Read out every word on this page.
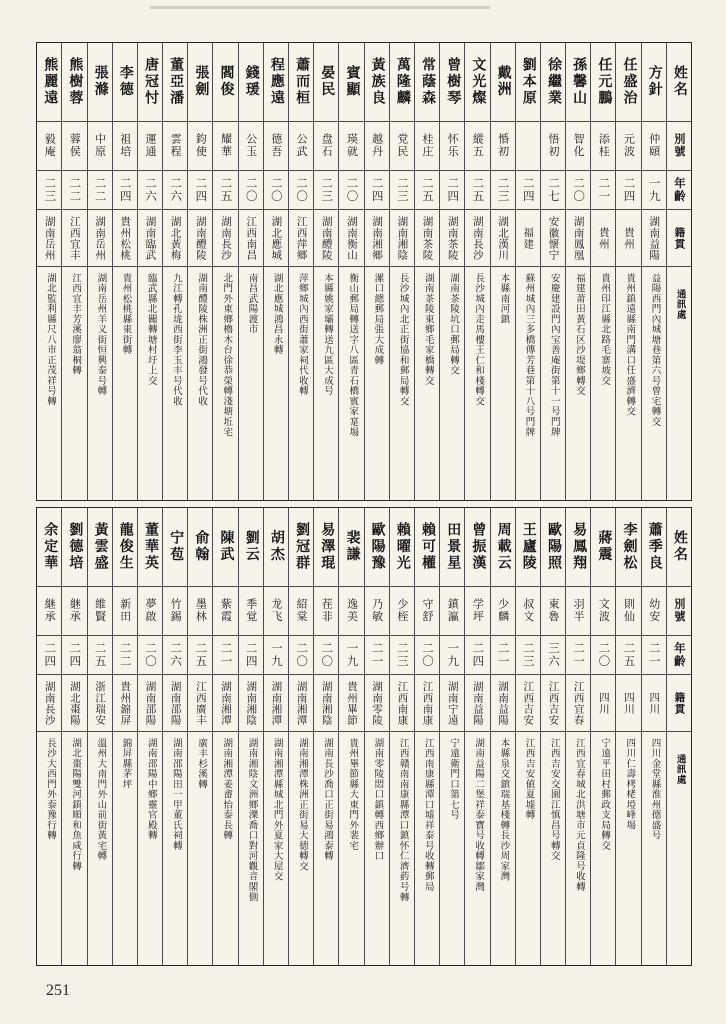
姓名
別號
年齡
籍貫
通訊處
方針
仲頤
一九
湖南益陽
益陽西門內城塘巷第六号曾宅轉交
任盛治
元波
二四
貴州
貴州鎮遠縣南門溝口任盛濟轉交
任元鵬
添桂
二一
貴州
貴州印江縣北路毛寨坡交
孫馨山
智化
二〇
湖南鳳凰
福建莆田黃石区沙堤鄉轉交
徐繼業
悟初
二七
安徽懷宁
安慶建設門內宝善庵街第十一号門牌
劉本原
二四
福建
蘇州城內三多橋傳芳巷第十八号門牌
戴洲
惛初
二三
湖北漢川
本縣南河鎮
文光燦
縱五
二五
湖南長沙
長沙城內走馬樓王仁和棧轉交
曾樹琴
怀乐
二四
湖南茶陵
湖南茶陵坑口郵局轉交
常蔭森
桂庄
二五
湖南茶陵
湖南茶陵東鄉毛家橋轉交
萬隆麟
党民
二三
湖南湘陰
長沙城內北正街協和郵局轉交
黃族良
越丹
二四
湖南湘鄉
漯口總郵局張大成轉
賓顯
瑛就
二〇
湖南衡山
衡山郵局轉送字八區青石橋賓家寔場
晏民
盘石
二三
湖南醴陵
本縣姚家壩轉送九區大成号
蕭而桓
公武
二〇
江西萍鄉
萍鄉城內西街蕭家祠代收轉
程應遠
德吾
二〇
湖北應城
湖北應城鴻昌永轉
錢瑗
公玉
二〇
江西南昌
南昌武陽渡市
閻俊
耀華
二五
湖南長沙
北門外東鄉櫓木台徐恭榮轉淺塘坵宅
張劍
鈞使
二四
湖南醴陵
湖南醴陵株洲正街鴻發号代收
董亞潘
雲程
二六
湖北黃梅
九江轉孔垅西街李玉丰号代收
唐冠忖
運通
二六
湖南臨武
臨武縣北關轉塘村圩上交
李德
祖培
二四
貴州松桃
貴州松桃縣東街轉
張滌
中原
二二
湖南岳州
湖南岳州羊义街恒興泰号轉
熊樹蓉
蓉侯
二二
江西宜丰
江西宜丰芳溪廖翁桐轉
熊麗遠
毅庵
二三
湖南岳州
湖北監利縣尺八市正茂祥号轉
姓名
別號
年齡
籍貫
通訊處
蕭季良
幼安
二一
四川
四川金堂縣淮州德盛号
李劍松
則仙
二五
四川
四川仁壽栲栳埡峰場
蔣震
文波
二〇
四川
宁遠平田村郵政支局轉交
易鳳翔
羽半
二一
江西宜春
江西宜春城北洪塘市元貞隆号收轉
歐陽照
東魯
三六
江西吉安
江西吉安交園江慎昌号轉交
王廬陵
叔文
二三
江西吉安
江西吉安値夏墟轉
周載云
少麟
二一
湖南益陽
本縣泉交鎮瑞基棧轉長沙周家灣
曾振漢
学坪
二四
湖南益陽
湖南益陽二堡祥泰寶号收轉鄒家灣
田景星
鎮瀛
一九
湖南宁遠
宁遠衛門口第七号
賴可權
守舒
二〇
江西南康
江西南康縣潭口墟祥泰号收轉郵局
賴曜光
少桎
二三
江西南康
江西贛南南康縣潭口鎮怀仁濟葯号轉
歐陽豫
乃敏
二一
湖南零陵
湖南零陵悶口鎮轉西鄉辦口
裴謙
逸美
一九
貴州畢節
貴州畢節縣大東門外裴宅
易澤琨
茬非
二〇
湖南湘陰
湖南長沙喬口正街易鴻泰轉
劉冠群
紹棠
二〇
湖南湘潭
湖南湘潭株洲正街易大德轉交
胡杰
龙飞
一九
湖南湘潭
湖南湘潭縣城北門外夏家大屋交
劉云
季覚
二四
湖南湘陰
湖南湘陰文洲鄉濼喬口對河觀音閣側
陳武
紫霞
二一
湖南湘潭
湖南湘潭姜畬怡泰長轉
俞翰
墨林
二五
江西廣丰
廣丰杉溪轉
宁苞
竹錫
二六
湖南邵陽
湖南邵陽田一甲董氏祠轉
董華英
夢啟
二〇
湖南邵陽
湖南邵陽中鄉靈官殿轉
龍俊生
新田
二二
貴州錦屏
錦屏縣茅坪
黃雲盛
維賢
二五
浙江瑞安
溫州大南門外山前街黃宅轉
劉德培
継承
二四
湖北棗陽
湖北棗陽雙河鎮順和魚咸行轉
余定華
継承
二四
湖南長沙
長沙大西門外泰豫行轉
251
